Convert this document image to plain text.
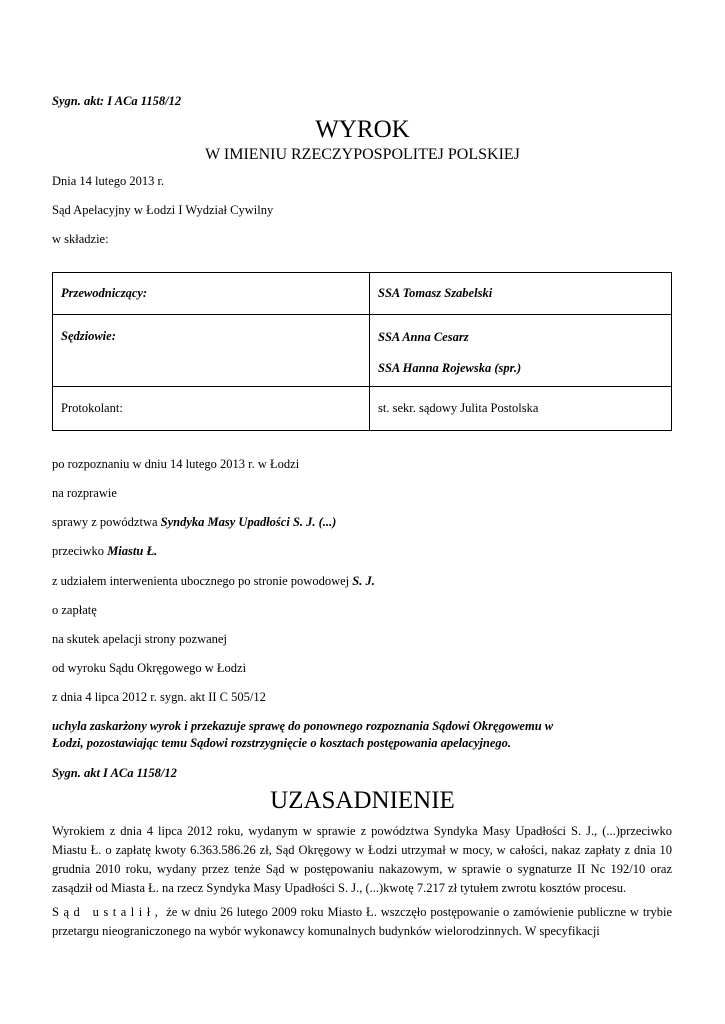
Sygn. akt: I ACa 1158/12
WYROK
W IMIENIU RZECZYPOSPOLITEJ POLSKIEJ
Dnia 14 lutego 2013 r.
Sąd Apelacyjny w Łodzi I Wydział Cywilny
w składzie:
Przewodniczący:	SSA Tomasz Szabelski
Sędziowie:	SSA Anna Cesarz
SSA Hanna Rojewska (spr.)

Protokolant:	st. sekr. sądowy Julita Postolska
po rozpoznaniu w dniu 14 lutego 2013 r. w Łodzi
na rozprawie
sprawy z powództwa Syndyka Masy Upadłości S. J. (...)
przeciwko Miastu Ł.
z udziałem interwenienta ubocznego po stronie powodowej S. J.
o zapłatę
na skutek apelacji strony pozwanej
od wyroku Sądu Okręgowego w Łodzi
z dnia 4 lipca 2012 r. sygn. akt II C 505/12
uchyla zaskarżony wyrok i przekazuje sprawę do ponownego rozpoznania Sądowi Okręgowemu w
Łodzi, pozostawiając temu Sądowi rozstrzygnięcie o kosztach postępowania apelacyjnego.
Sygn. akt I ACa 1158/12
UZASADNIENIE
Wyrokiem z dnia 4 lipca 2012 roku, wydanym w sprawie z powództwa Syndyka Masy Upadłości S. J., (...)przeciwko Miastu Ł. o zapłatę kwoty 6.363.586.26 zł, Sąd Okręgowy w Łodzi utrzymał w mocy, w całości, nakaz zapłaty z dnia 10 grudnia 2010 roku, wydany przez tenże Sąd w postępowaniu nakazowym, w sprawie o sygnaturze II Nc 192/10 oraz zasądził od Miasta Ł. na rzecz Syndyka Masy Upadłości S. J., (...)kwotę 7.217 zł tytułem zwrotu kosztów procesu.
Sąd ustalił, że w dniu 26 lutego 2009 roku Miasto Ł. wszczęło postępowanie o zamówienie publiczne w trybie przetargu nieograniczonego na wybór wykonawcy komunalnych budynków wielorodzinnych. W specyfikacji
